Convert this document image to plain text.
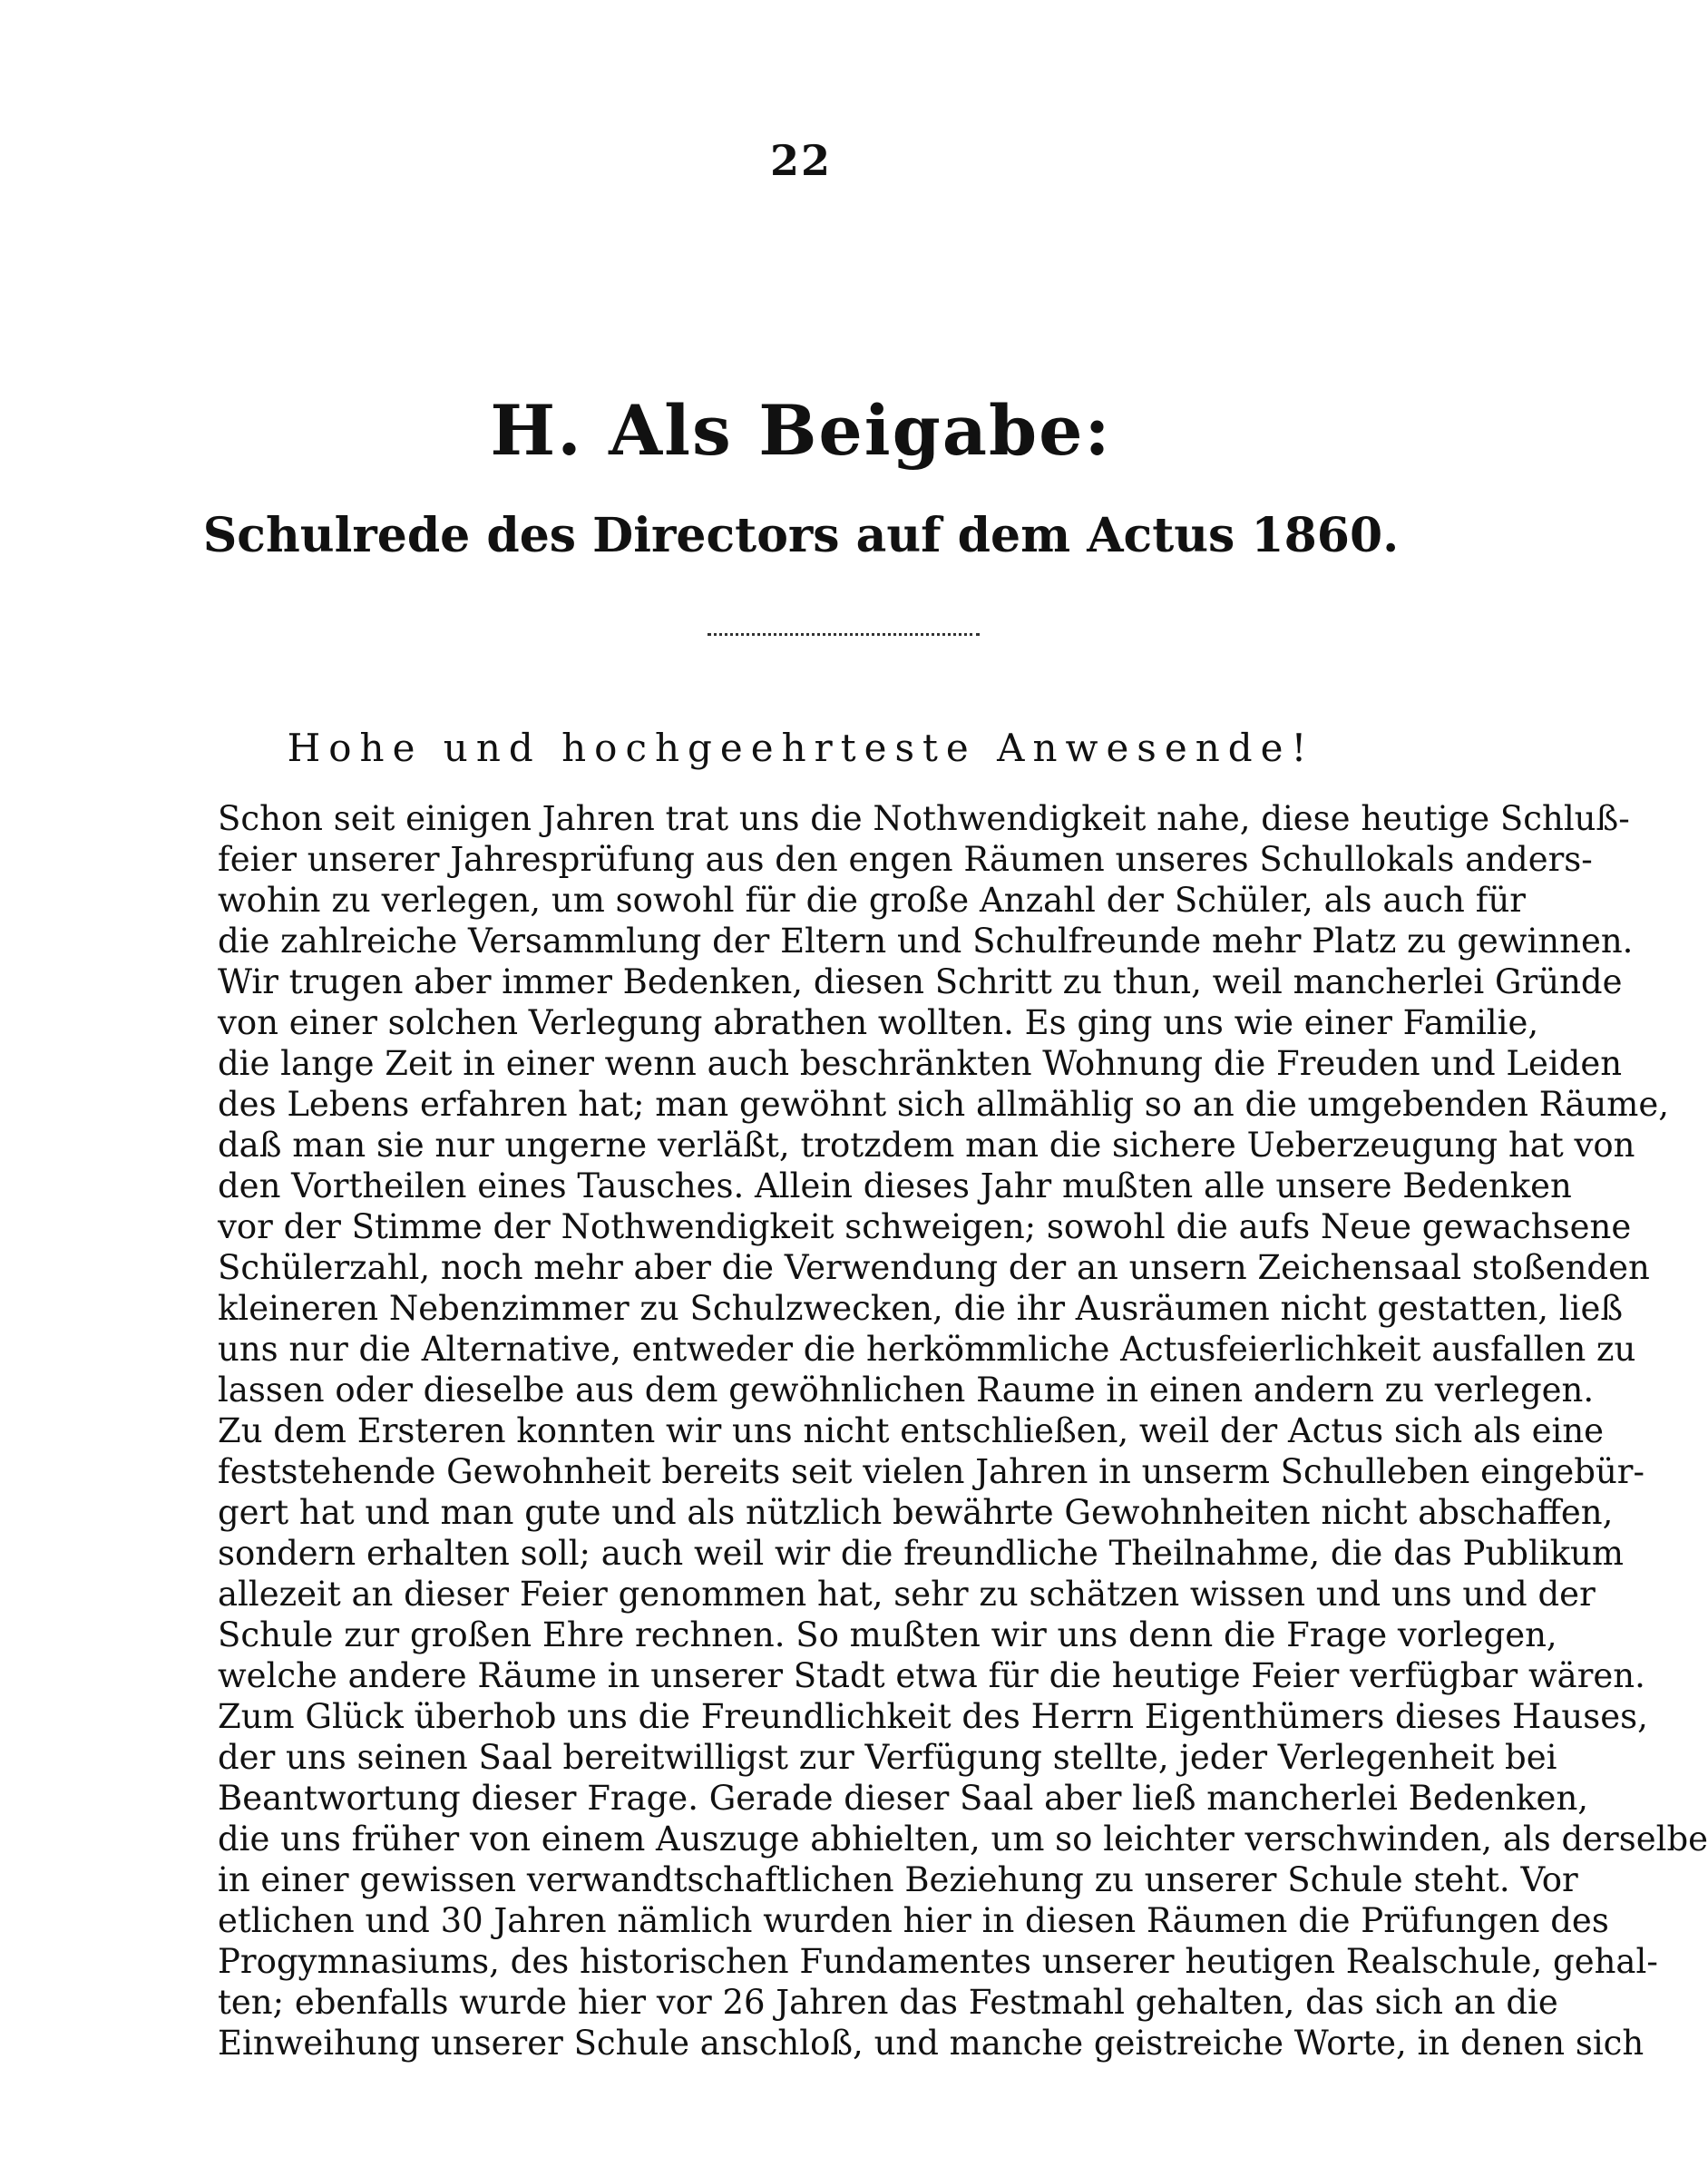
22
H. Als Beigabe:
Schulrede des Directors auf dem Actus 1860.
Hohe und hochgeehrteste Anwesende!
Schon seit einigen Jahren trat uns die Nothwendigkeit nahe, diese heutige Schluß-
feier unserer Jahresprüfung aus den engen Räumen unseres Schullokals anders-
wohin zu verlegen, um sowohl für die große Anzahl der Schüler, als auch für
die zahlreiche Versammlung der Eltern und Schulfreunde mehr Platz zu gewinnen.
Wir trugen aber immer Bedenken, diesen Schritt zu thun, weil mancherlei Gründe
von einer solchen Verlegung abrathen wollten. Es ging uns wie einer Familie,
die lange Zeit in einer wenn auch beschränkten Wohnung die Freuden und Leiden
des Lebens erfahren hat; man gewöhnt sich allmählig so an die umgebenden Räume,
daß man sie nur ungerne verläßt, trotzdem man die sichere Ueberzeugung hat von
den Vortheilen eines Tausches. Allein dieses Jahr mußten alle unsere Bedenken
vor der Stimme der Nothwendigkeit schweigen; sowohl die aufs Neue gewachsene
Schülerzahl, noch mehr aber die Verwendung der an unsern Zeichensaal stoßenden
kleineren Nebenzimmer zu Schulzwecken, die ihr Ausräumen nicht gestatten, ließ
uns nur die Alternative, entweder die herkömmliche Actusfeierlichkeit ausfallen zu
lassen oder dieselbe aus dem gewöhnlichen Raume in einen andern zu verlegen.
Zu dem Ersteren konnten wir uns nicht entschließen, weil der Actus sich als eine
feststehende Gewohnheit bereits seit vielen Jahren in unserm Schulleben eingebür-
gert hat und man gute und als nützlich bewährte Gewohnheiten nicht abschaffen,
sondern erhalten soll; auch weil wir die freundliche Theilnahme, die das Publikum
allezeit an dieser Feier genommen hat, sehr zu schätzen wissen und uns und der
Schule zur großen Ehre rechnen. So mußten wir uns denn die Frage vorlegen,
welche andere Räume in unserer Stadt etwa für die heutige Feier verfügbar wären.
Zum Glück überhob uns die Freundlichkeit des Herrn Eigenthümers dieses Hauses,
der uns seinen Saal bereitwilligst zur Verfügung stellte, jeder Verlegenheit bei
Beantwortung dieser Frage. Gerade dieser Saal aber ließ mancherlei Bedenken,
die uns früher von einem Auszuge abhielten, um so leichter verschwinden, als derselbe
in einer gewissen verwandtschaftlichen Beziehung zu unserer Schule steht. Vor
etlichen und 30 Jahren nämlich wurden hier in diesen Räumen die Prüfungen des
Progymnasiums, des historischen Fundamentes unserer heutigen Realschule, gehal-
ten; ebenfalls wurde hier vor 26 Jahren das Festmahl gehalten, das sich an die
Einweihung unserer Schule anschloß, und manche geistreiche Worte, in denen sich
